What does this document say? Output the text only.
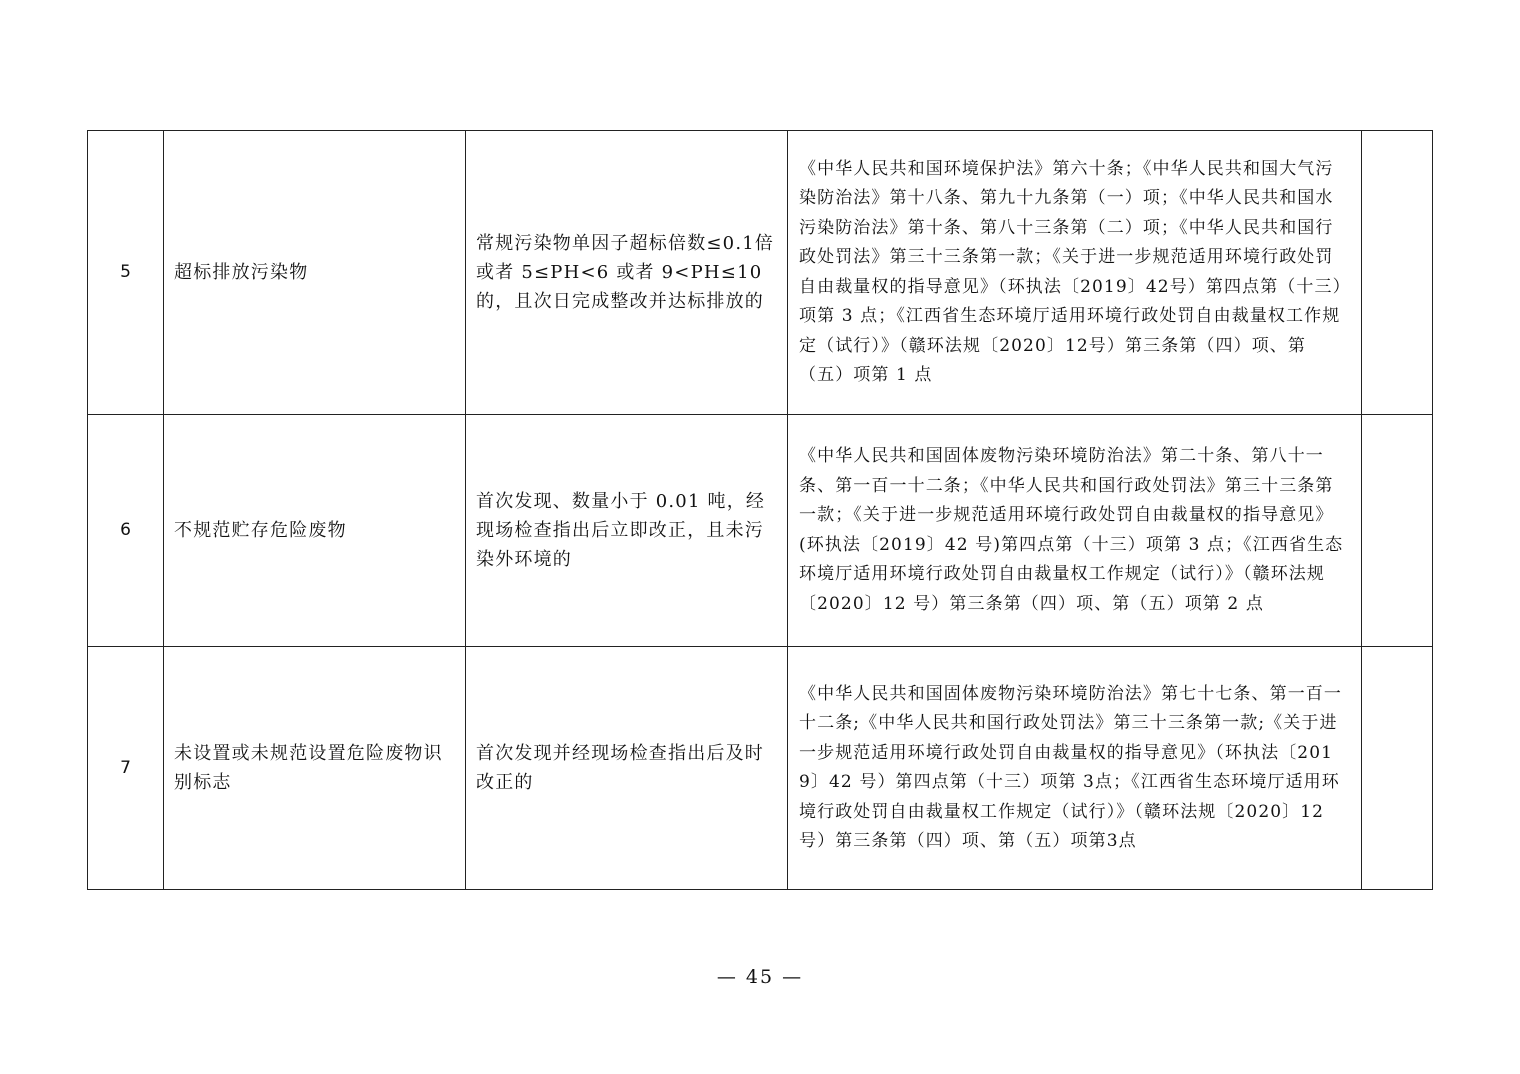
5	超标排放污染物	常规污染物单因子超标倍数≤0.1倍或者 5≤PH<6 或者 9<PH≤10 的，且次日完成整改并达标排放的	《中华人民共和国环境保护法》第六十条；《中华人民共和国大气污染防治法》第十八条、第九十九条第（一）项；《中华人民共和国水污染防治法》第十条、第八十三条第（二）项；《中华人民共和国行政处罚法》第三十三条第一款；《关于进一步规范适用环境行政处罚自由裁量权的指导意见》（环执法〔2019〕42号）第四点第（十三）项第 3 点；《江西省生态环境厅适用环境行政处罚自由裁量权工作规定（试行）》（赣环法规〔2020〕12号）第三条第（四）项、第（五）项第 1 点	
6	不规范贮存危险废物	首次发现、数量小于 0.01 吨，经现场检查指出后立即改正，且未污染外环境的	《中华人民共和国固体废物污染环境防治法》第二十条、第八十一条、第一百一十二条；《中华人民共和国行政处罚法》第三十三条第一款；《关于进一步规范适用环境行政处罚自由裁量权的指导意见》(环执法〔2019〕42 号)第四点第（十三）项第 3 点；《江西省生态环境厅适用环境行政处罚自由裁量权工作规定（试行）》（赣环法规〔2020〕12 号）第三条第（四）项、第（五）项第 2 点	
7	未设置或未规范设置危险废物识别标志	首次发现并经现场检查指出后及时改正的	《中华人民共和国固体废物污染环境防治法》第七十七条、第一百一十二条;《中华人民共和国行政处罚法》第三十三条第一款;《关于进一步规范适用环境行政处罚自由裁量权的指导意见》（环执法〔2019〕42 号）第四点第（十三）项第 3点；《江西省生态环境厅适用环境行政处罚自由裁量权工作规定（试行）》（赣环法规〔2020〕12 号）第三条第（四）项、第（五）项第3点	
— 45 —
